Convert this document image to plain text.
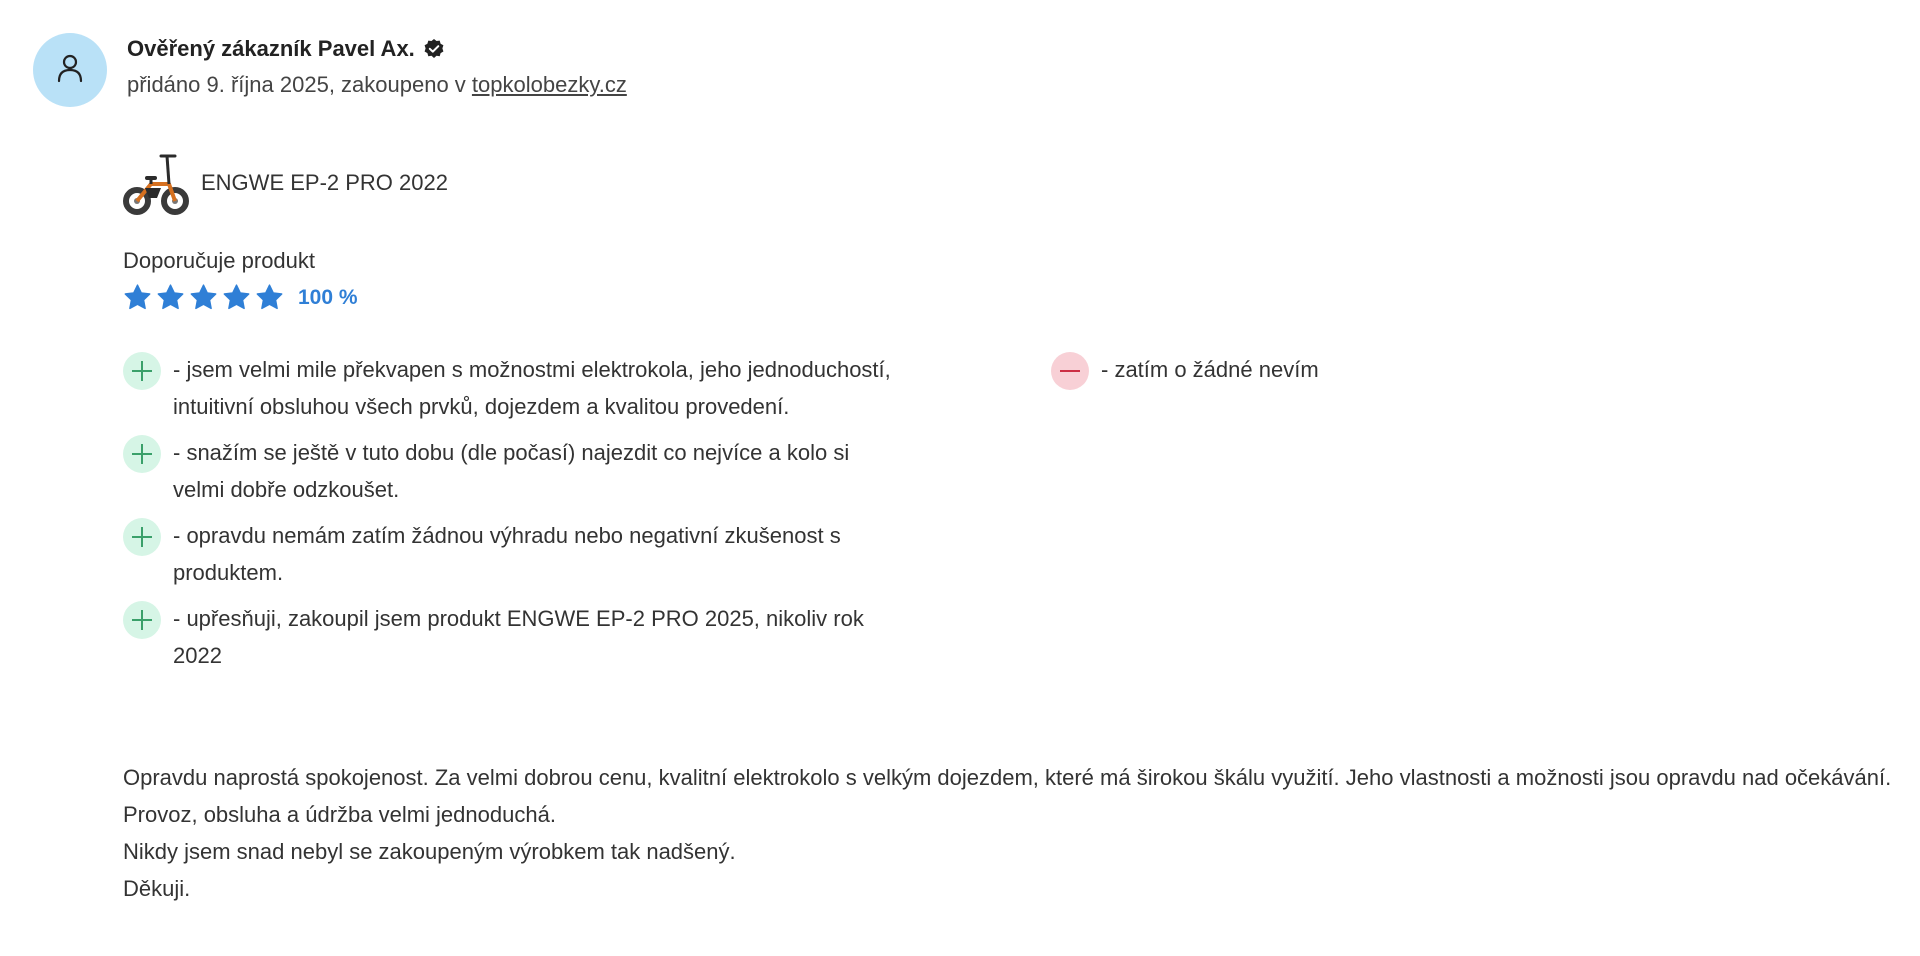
Ověřený zákazník Pavel Ax.
přidáno 9. října 2025, zakoupeno v topkolobezky.cz
ENGWE EP-2 PRO 2022
Doporučuje produkt
100 %
- jsem velmi mile překvapen s možnostmi elektrokola, jeho jednoduchostí, intuitivní obsluhou všech prvků, dojezdem a kvalitou provedení.
- snažím se ještě v tuto dobu (dle počasí) najezdit co nejvíce a kolo si velmi dobře odzkoušet.
- opravdu nemám zatím žádnou výhradu nebo negativní zkušenost s produktem.
- upřesňuji, zakoupil jsem produkt ENGWE EP-2 PRO 2025, nikoliv rok 2022
- zatím o žádné nevím

Opravdu naprostá spokojenost. Za velmi dobrou cenu, kvalitní elektrokolo s velkým dojezdem, které má širokou škálu využití. Jeho vlastnosti a možnosti jsou opravdu nad očekávání. Provoz, obsluha a údržba velmi jednoduchá.

Nikdy jsem snad nebyl se zakoupeným výrobkem tak nadšený.

Děkuji.
